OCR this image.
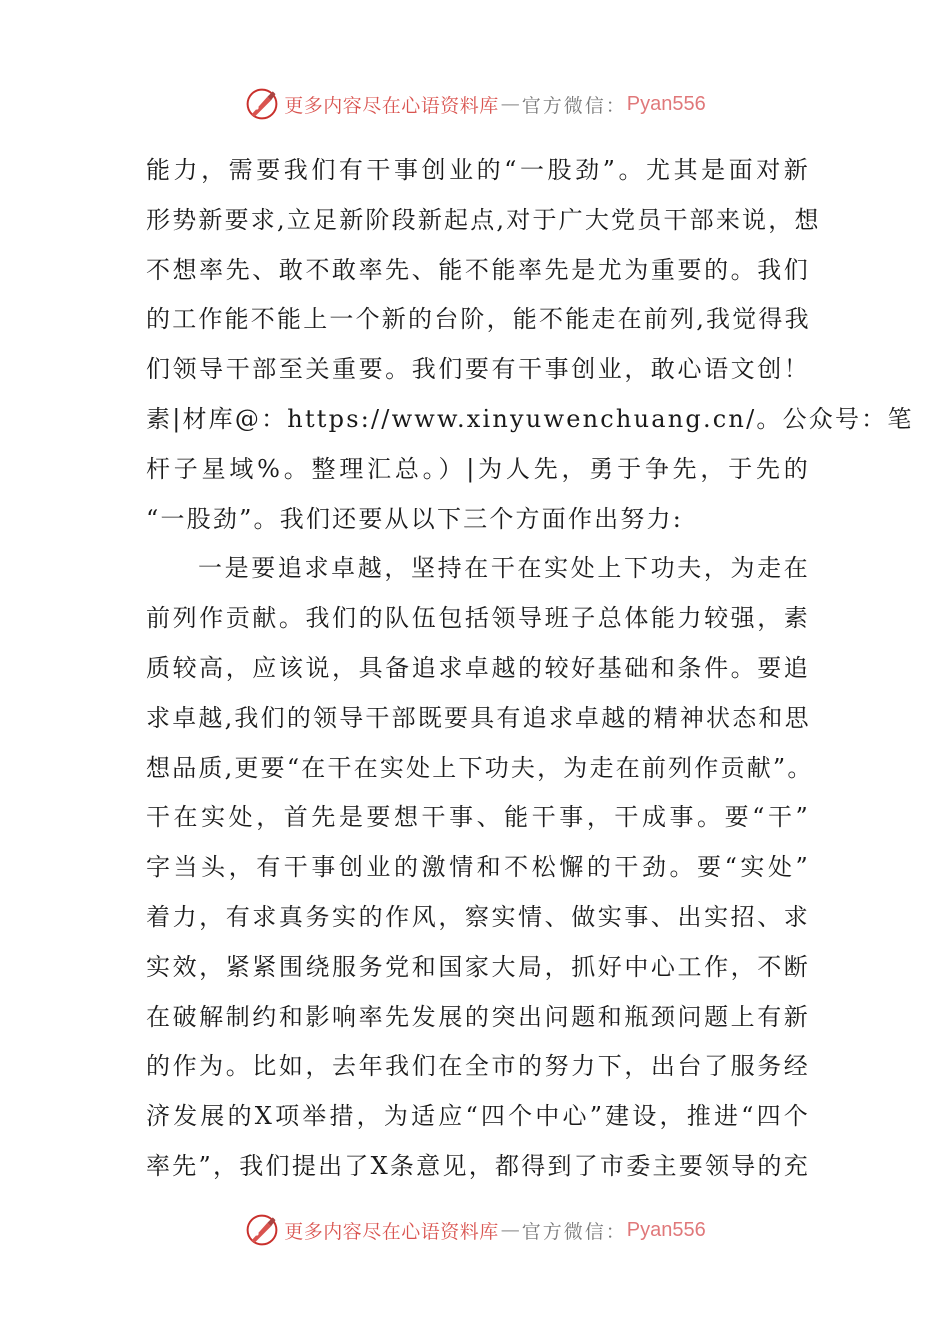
更多内容尽在心语资料库 — 官方微信： Pyan556

能力，需要我们有干事创业的“一股劲”。尤其是面对新

形势新要求,立足新阶段新起点,对于广大党员干部来说，想

不想率先、敢不敢率先、能不能率先是尤为重要的。我们

的工作能不能上一个新的台阶，能不能走在前列,我觉得我

们领导干部至关重要。我们要有干事创业，敢心语文创！

素|材库@：https://www.xinyuwenchuang.cn/。公众号：笔

杆子星域%。整理汇总。）|为人先，勇于争先，于先的

“一股劲”。我们还要从以下三个方面作出努力:

一是要追求卓越，坚持在干在实处上下功夫，为走在

前列作贡献。我们的队伍包括领导班子总体能力较强，素

质较高，应该说，具备追求卓越的较好基础和条件。要追

求卓越,我们的领导干部既要具有追求卓越的精神状态和思

想品质,更要“在干在实处上下功夫，为走在前列作贡献”。

干在实处，首先是要想干事、能干事，干成事。要“干”

字当头，有干事创业的激情和不松懈的干劲。要“实处”

着力，有求真务实的作风，察实情、做实事、出实招、求

实效，紧紧围绕服务党和国家大局，抓好中心工作，不断

在破解制约和影响率先发展的突出问题和瓶颈问题上有新

的作为。比如，去年我们在全市的努力下，出台了服务经

济发展的X项举措，为适应“四个中心”建设，推进“四个

率先”，我们提出了X条意见，都得到了市委主要领导的充

更多内容尽在心语资料库 — 官方微信： Pyan556
